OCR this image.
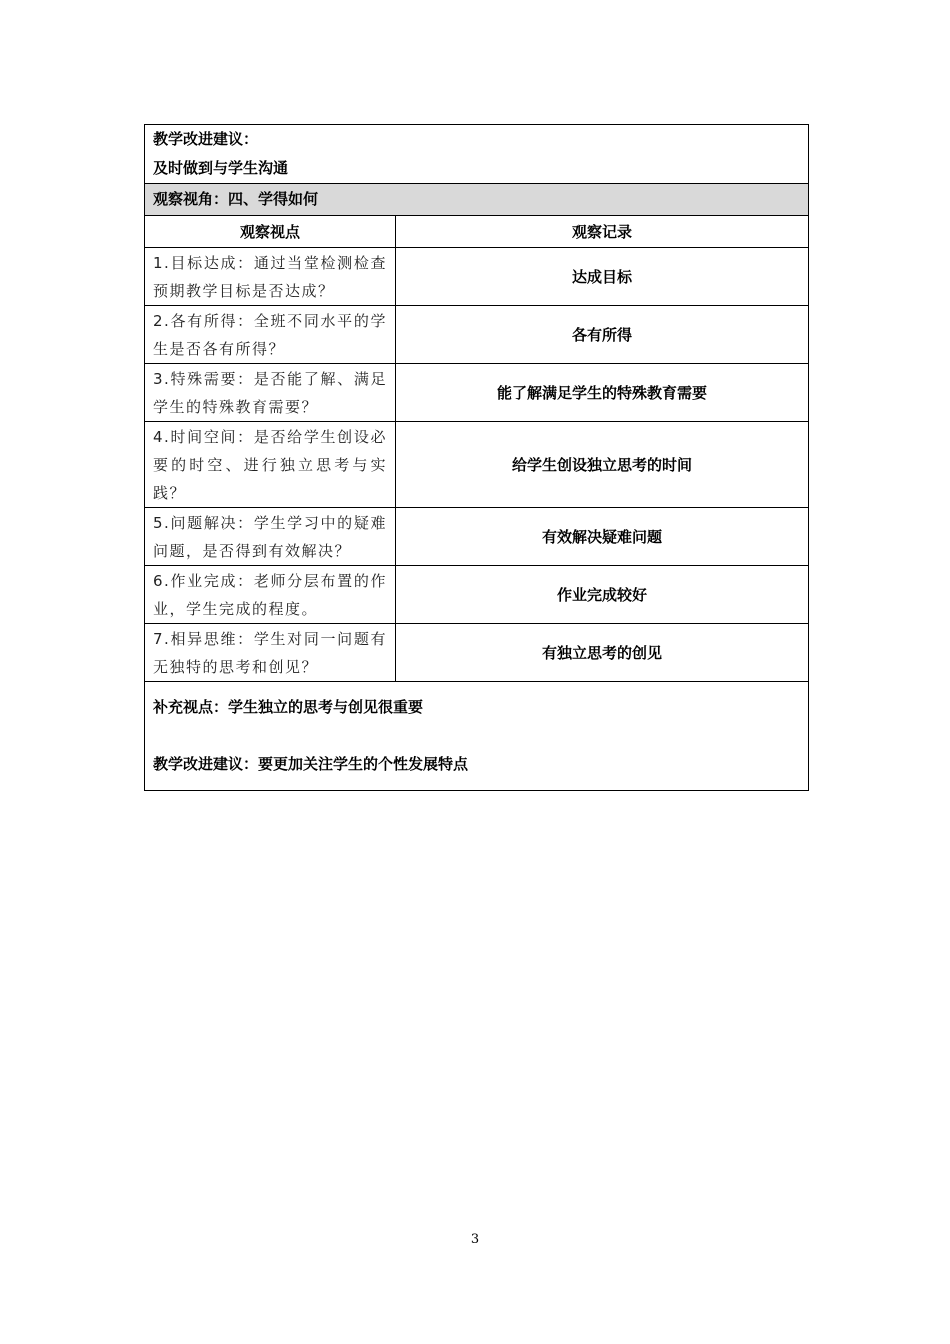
教学改进建议：
及时做到与学生沟通	

观察视角：四、学得如何	
观察视点	观察记录
1.目标达成：通过当堂检测检查预期教学目标是否达成？	达成目标
2.各有所得：全班不同水平的学生是否各有所得？	各有所得
3.特殊需要：是否能了解、满足学生的特殊教育需要？	能了解满足学生的特殊教育需要
4.时间空间：是否给学生创设必要的时空、进行独立思考与实践？	给学生创设独立思考的时间
5.问题解决：学生学习中的疑难问题，是否得到有效解决？	有效解决疑难问题
6.作业完成：老师分层布置的作业，学生完成的程度。	作业完成较好
7.相异思维：学生对同一问题有无独特的思考和创见？	有独立思考的创见

补充视点：学生独立的思考与创见很重要
教学改进建议：要更加关注学生的个性发展特点	
3
